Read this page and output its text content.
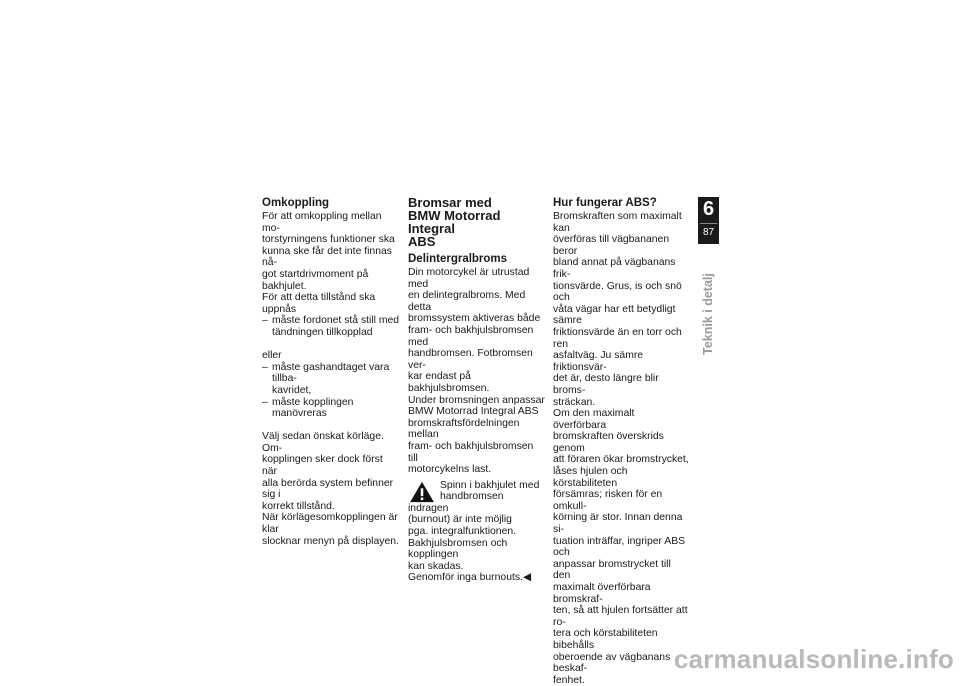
Omkoppling

För att omkoppling mellan mo-
torstyrningens funktioner ska
kunna ske får det inte finnas nå-
got startdrivmoment på bakhjulet.
För att detta tillstånd ska uppnås

– måste fordonet stå still med
tändningen tillkopplad

eller

– måste gashandtaget vara tillba-
kavridet,
– måste kopplingen manövreras

Välj sedan önskat körläge. Om-
kopplingen sker dock först när
alla berörda system befinner sig i
korrekt tillstånd.
När körlägesomkopplingen är klar
slocknar menyn på displayen.

Bromsar med
BMW Motorrad Integral
ABS
Delintergralbroms

Din motorcykel är utrustad med
en delintegralbroms. Med detta
bromssystem aktiveras både
fram- och bakhjulsbromsen med
handbromsen. Fotbromsen ver-
kar endast på bakhjulsbromsen.
Under bromsningen anpassar
BMW Motorrad Integral ABS
bromskraftsfördelningen mellan
fram- och bakhjulsbromsen till
motorcykelns last.

Spinn i bakhjulet med
handbromsen indragen
(burnout) är inte möjlig
pga. integralfunktionen.
Bakhjulsbromsen och kopplingen
kan skadas.
Genomför inga burnouts.◀
Hur fungerar ABS?

Bromskraften som maximalt kan
överföras till vägbananen beror
bland annat på vägbanans frik-
tionsvärde. Grus, is och snö och
våta vägar har ett betydligt sämre
friktionsvärde än en torr och ren
asfaltväg. Ju sämre friktionsvär-
det är, desto längre blir broms-
sträckan.

Om den maximalt överförbara
bromskraften överskrids genom
att föraren ökar bromstrycket,
låses hjulen och körstabiliteten
försämras; risken för en omkull-
körning är stor. Innan denna si-
tuation inträffar, ingriper ABS och
anpassar bromstrycket till den
maximalt överförbara bromskraf-
ten, så att hjulen fortsätter att ro-
tera och körstabiliteten bibehålls
oberoende av vägbanans beskaf-
fenhet.

6
87
Teknik i detalj
carmanualsonline.info
